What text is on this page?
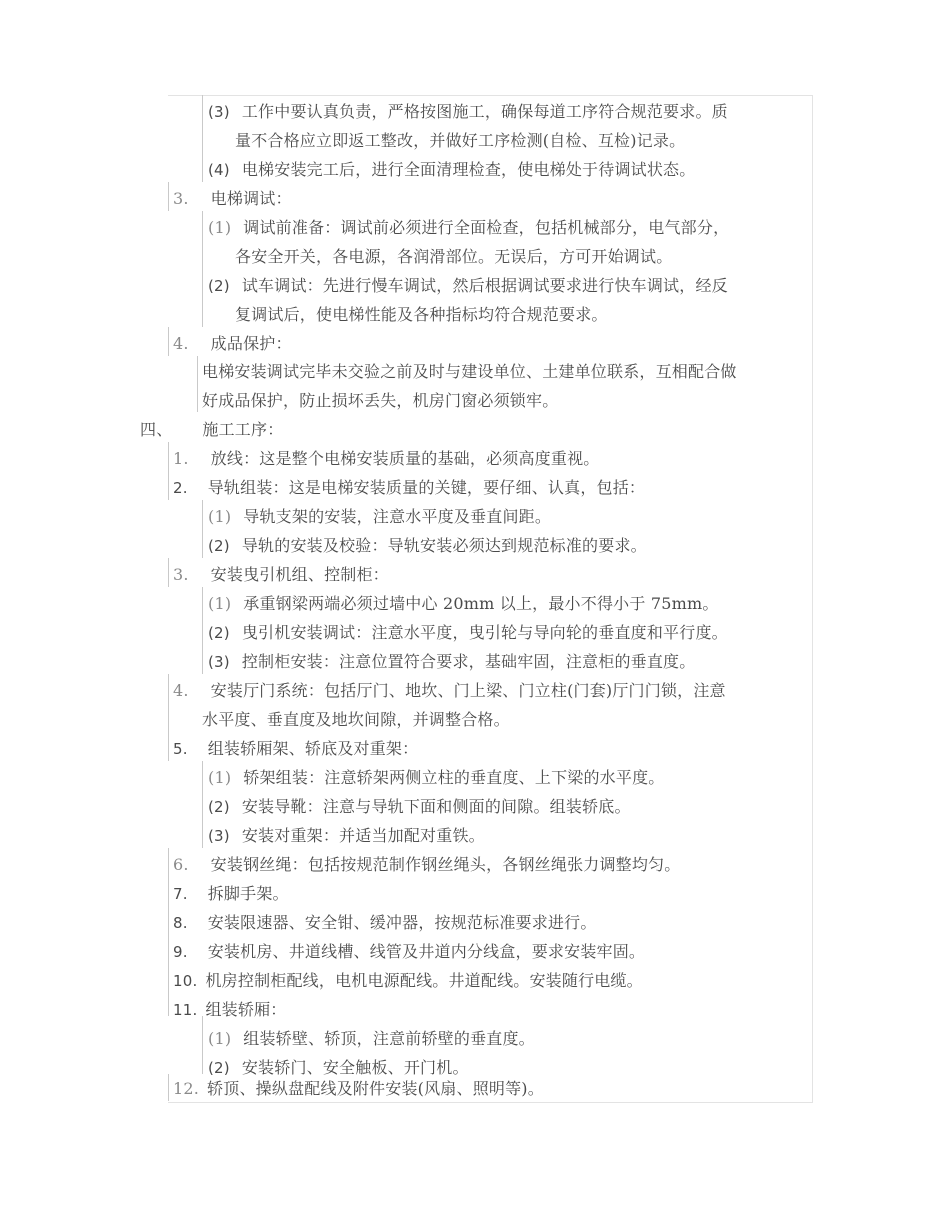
(3) 工作中要认真负责，严格按图施工，确保每道工序符合规范要求。质
量不合格应立即返工整改，并做好工序检测(自检、互检)记录。
(4) 电梯安装完工后，进行全面清理检查，使电梯处于待调试状态。
3. 电梯调试：
(1) 调试前准备：调试前必须进行全面检查，包括机械部分，电气部分，
各安全开关，各电源，各润滑部位。无误后，方可开始调试。
(2) 试车调试：先进行慢车调试，然后根据调试要求进行快车调试，经反
复调试后，使电梯性能及各种指标均符合规范要求。
4. 成品保护：
电梯安装调试完毕未交验之前及时与建设单位、土建单位联系，互相配合做
好成品保护，防止损坏丢失，机房门窗必须锁牢。
四、 施工工序：
1. 放线：这是整个电梯安装质量的基础，必须高度重视。
2. 导轨组装：这是电梯安装质量的关键，要仔细、认真，包括：
(1) 导轨支架的安装，注意水平度及垂直间距。
(2) 导轨的安装及校验：导轨安装必须达到规范标准的要求。
3. 安装曳引机组、控制柜：
(1) 承重钢梁两端必须过墙中心 20mm 以上，最小不得小于 75mm。
(2) 曳引机安装调试：注意水平度，曳引轮与导向轮的垂直度和平行度。
(3) 控制柜安装：注意位置符合要求，基础牢固，注意柜的垂直度。
4. 安装厅门系统：包括厅门、地坎、门上梁、门立柱(门套)厅门门锁，注意
水平度、垂直度及地坎间隙，并调整合格。
5. 组装轿厢架、轿底及对重架：
(1) 轿架组装：注意轿架两侧立柱的垂直度、上下梁的水平度。
(2) 安装导靴：注意与导轨下面和侧面的间隙。组装轿底。
(3) 安装对重架：并适当加配对重铁。
6. 安装钢丝绳：包括按规范制作钢丝绳头，各钢丝绳张力调整均匀。
7. 拆脚手架。
8. 安装限速器、安全钳、缓冲器，按规范标准要求进行。
9. 安装机房、井道线槽、线管及井道内分线盒，要求安装牢固。
10. 机房控制柜配线，电机电源配线。井道配线。安装随行电缆。
11. 组装轿厢：
(1) 组装轿壁、轿顶，注意前轿壁的垂直度。
(2) 安装轿门、安全触板、开门机。
12. 轿顶、操纵盘配线及附件安装(风扇、照明等)。
